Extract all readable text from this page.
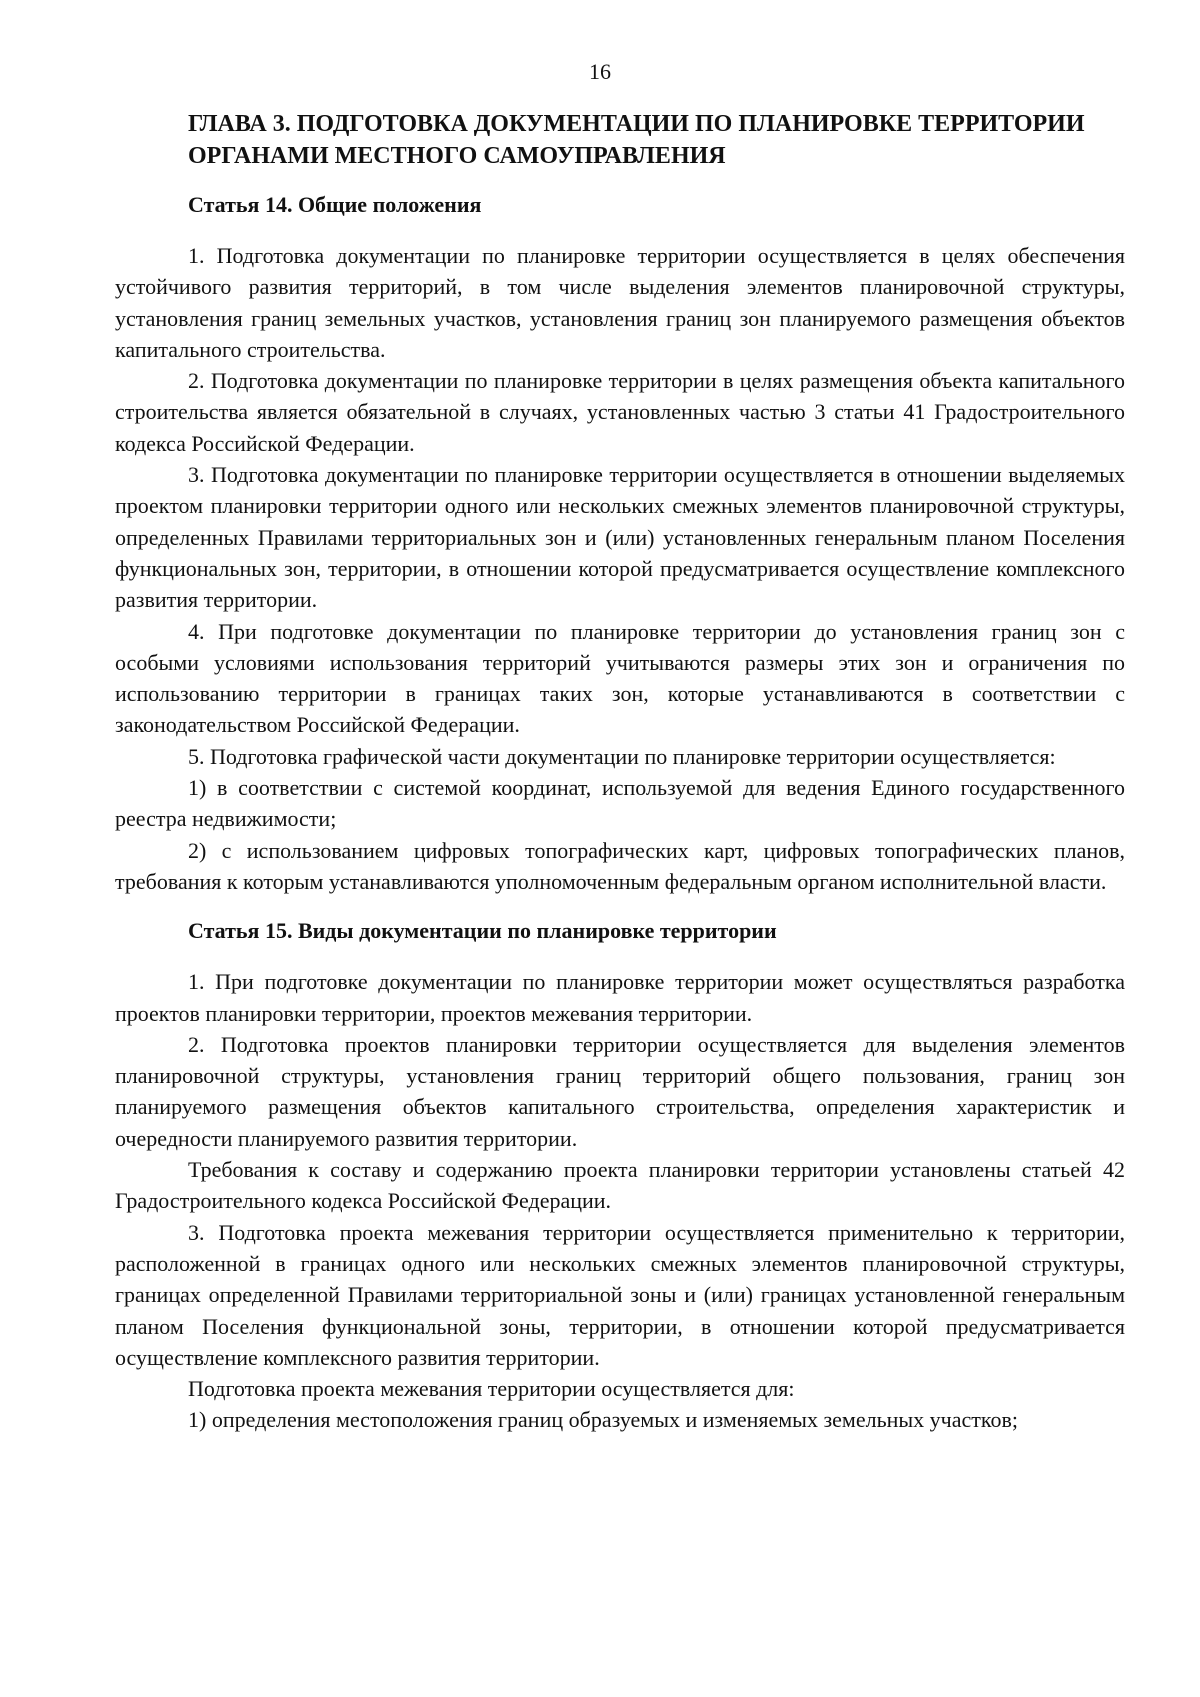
16
ГЛАВА 3. ПОДГОТОВКА ДОКУМЕНТАЦИИ ПО ПЛАНИРОВКЕ ТЕРРИТОРИИ ОРГАНАМИ МЕСТНОГО САМОУПРАВЛЕНИЯ
Статья 14. Общие положения

1. Подготовка документации по планировке территории осуществляется в целях обеспечения устойчивого развития территорий, в том числе выделения элементов планировочной структуры, установления границ земельных участков, установления границ зон планируемого размещения объектов капитального строительства.

2. Подготовка документации по планировке территории в целях размещения объекта капитального строительства является обязательной в случаях, установленных частью 3 статьи 41 Градостроительного кодекса Российской Федерации.

3. Подготовка документации по планировке территории осуществляется в отношении выделяемых проектом планировки территории одного или нескольких смежных элементов планировочной структуры, определенных Правилами территориальных зон и (или) установленных генеральным планом Поселения функциональных зон, территории, в отношении которой предусматривается осуществление комплексного развития территории.

4. При подготовке документации по планировке территории до установления границ зон с особыми условиями использования территорий учитываются размеры этих зон и ограничения по использованию территории в границах таких зон, которые устанавливаются в соответствии с законодательством Российской Федерации.

5. Подготовка графической части документации по планировке территории осуществляется:

1) в соответствии с системой координат, используемой для ведения Единого государственного реестра недвижимости;

2) с использованием цифровых топографических карт, цифровых топографических планов, требования к которым устанавливаются уполномоченным федеральным органом исполнительной власти.

Статья 15. Виды документации по планировке территории

1. При подготовке документации по планировке территории может осуществляться разработка проектов планировки территории, проектов межевания территории.

2. Подготовка проектов планировки территории осуществляется для выделения элементов планировочной структуры, установления границ территорий общего пользования, границ зон планируемого размещения объектов капитального строительства, определения характеристик и очередности планируемого развития территории.

Требования к составу и содержанию проекта планировки территории установлены статьей 42 Градостроительного кодекса Российской Федерации.

3. Подготовка проекта межевания территории осуществляется применительно к территории, расположенной в границах одного или нескольких смежных элементов планировочной структуры, границах определенной Правилами территориальной зоны и (или) границах установленной генеральным планом Поселения функциональной зоны, территории, в отношении которой предусматривается осуществление комплексного развития территории.

Подготовка проекта межевания территории осуществляется для:

1) определения местоположения границ образуемых и изменяемых земельных участков;
